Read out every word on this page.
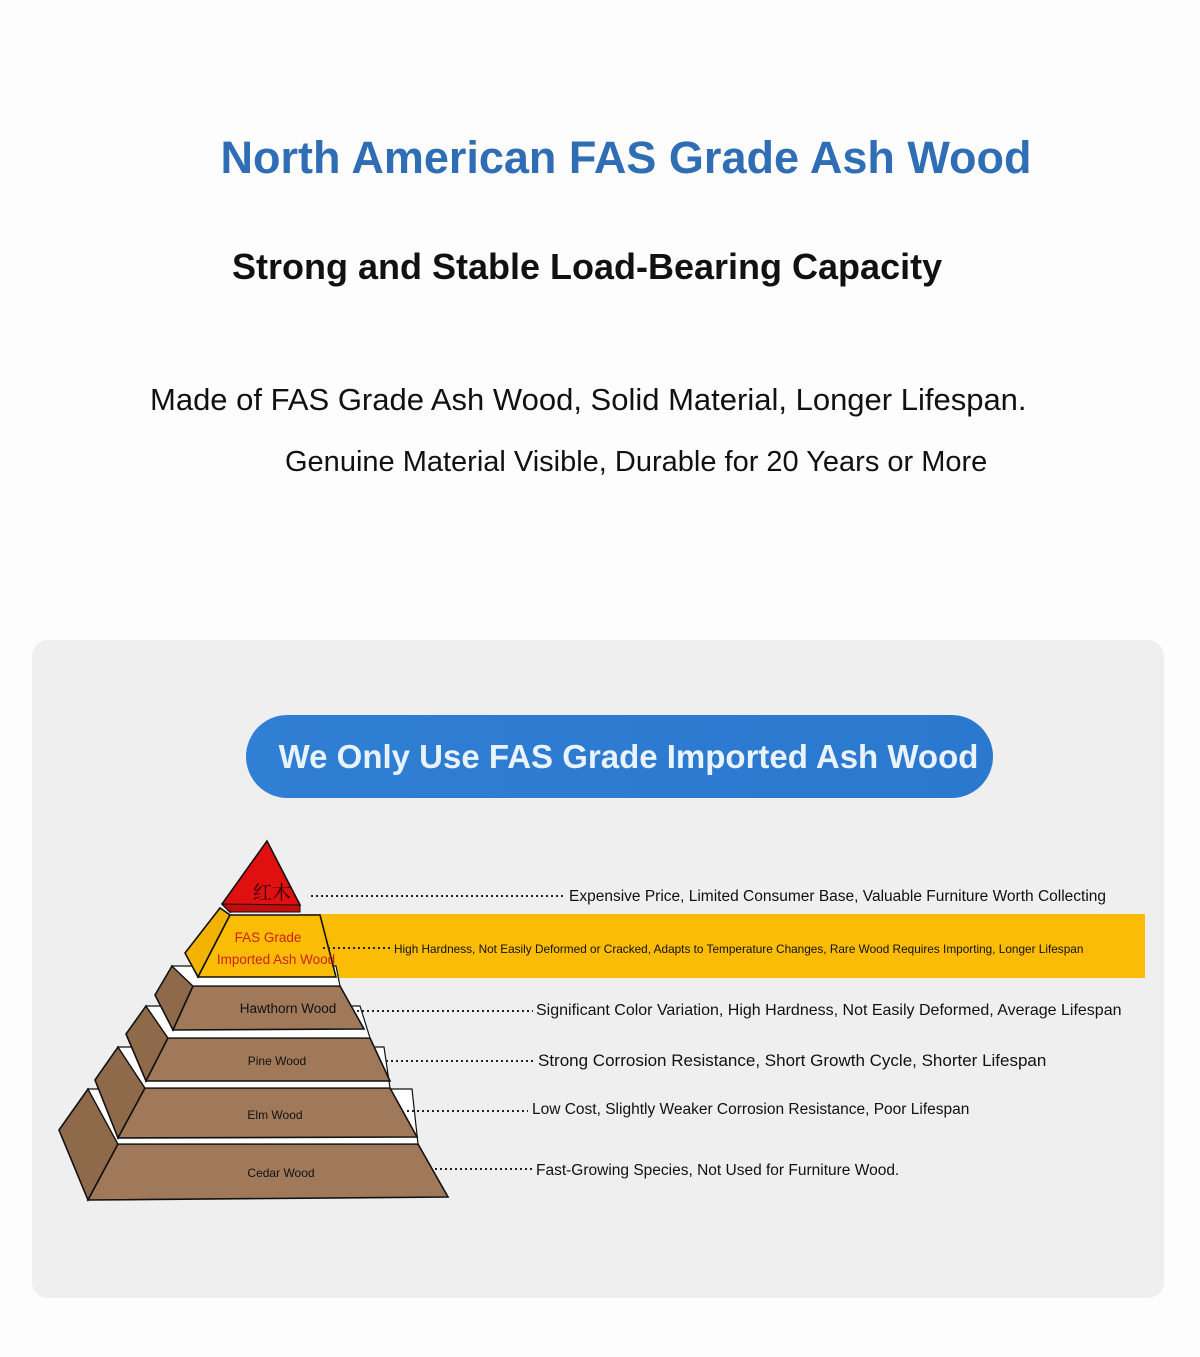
North American FAS Grade Ash Wood
Strong and Stable Load-Bearing Capacity

Made of FAS Grade Ash Wood, Solid Material, Longer Lifespan.

Genuine Material Visible, Durable for 20 Years or More

We Only Use FAS Grade Imported Ash Wood
红木
FAS Grade
Imported Ash Wood
Hawthorn Wood
Pine Wood
Elm Wood
Cedar Wood
Expensive Price, Limited Consumer Base, Valuable Furniture Worth Collecting
High Hardness, Not Easily Deformed or Cracked, Adapts to Temperature Changes, Rare Wood Requires Importing, Longer Lifespan
Significant Color Variation, High Hardness, Not Easily Deformed, Average Lifespan
Strong Corrosion Resistance, Short Growth Cycle, Shorter Lifespan
Low Cost, Slightly Weaker Corrosion Resistance, Poor Lifespan
Fast-Growing Species, Not Used for Furniture Wood.
